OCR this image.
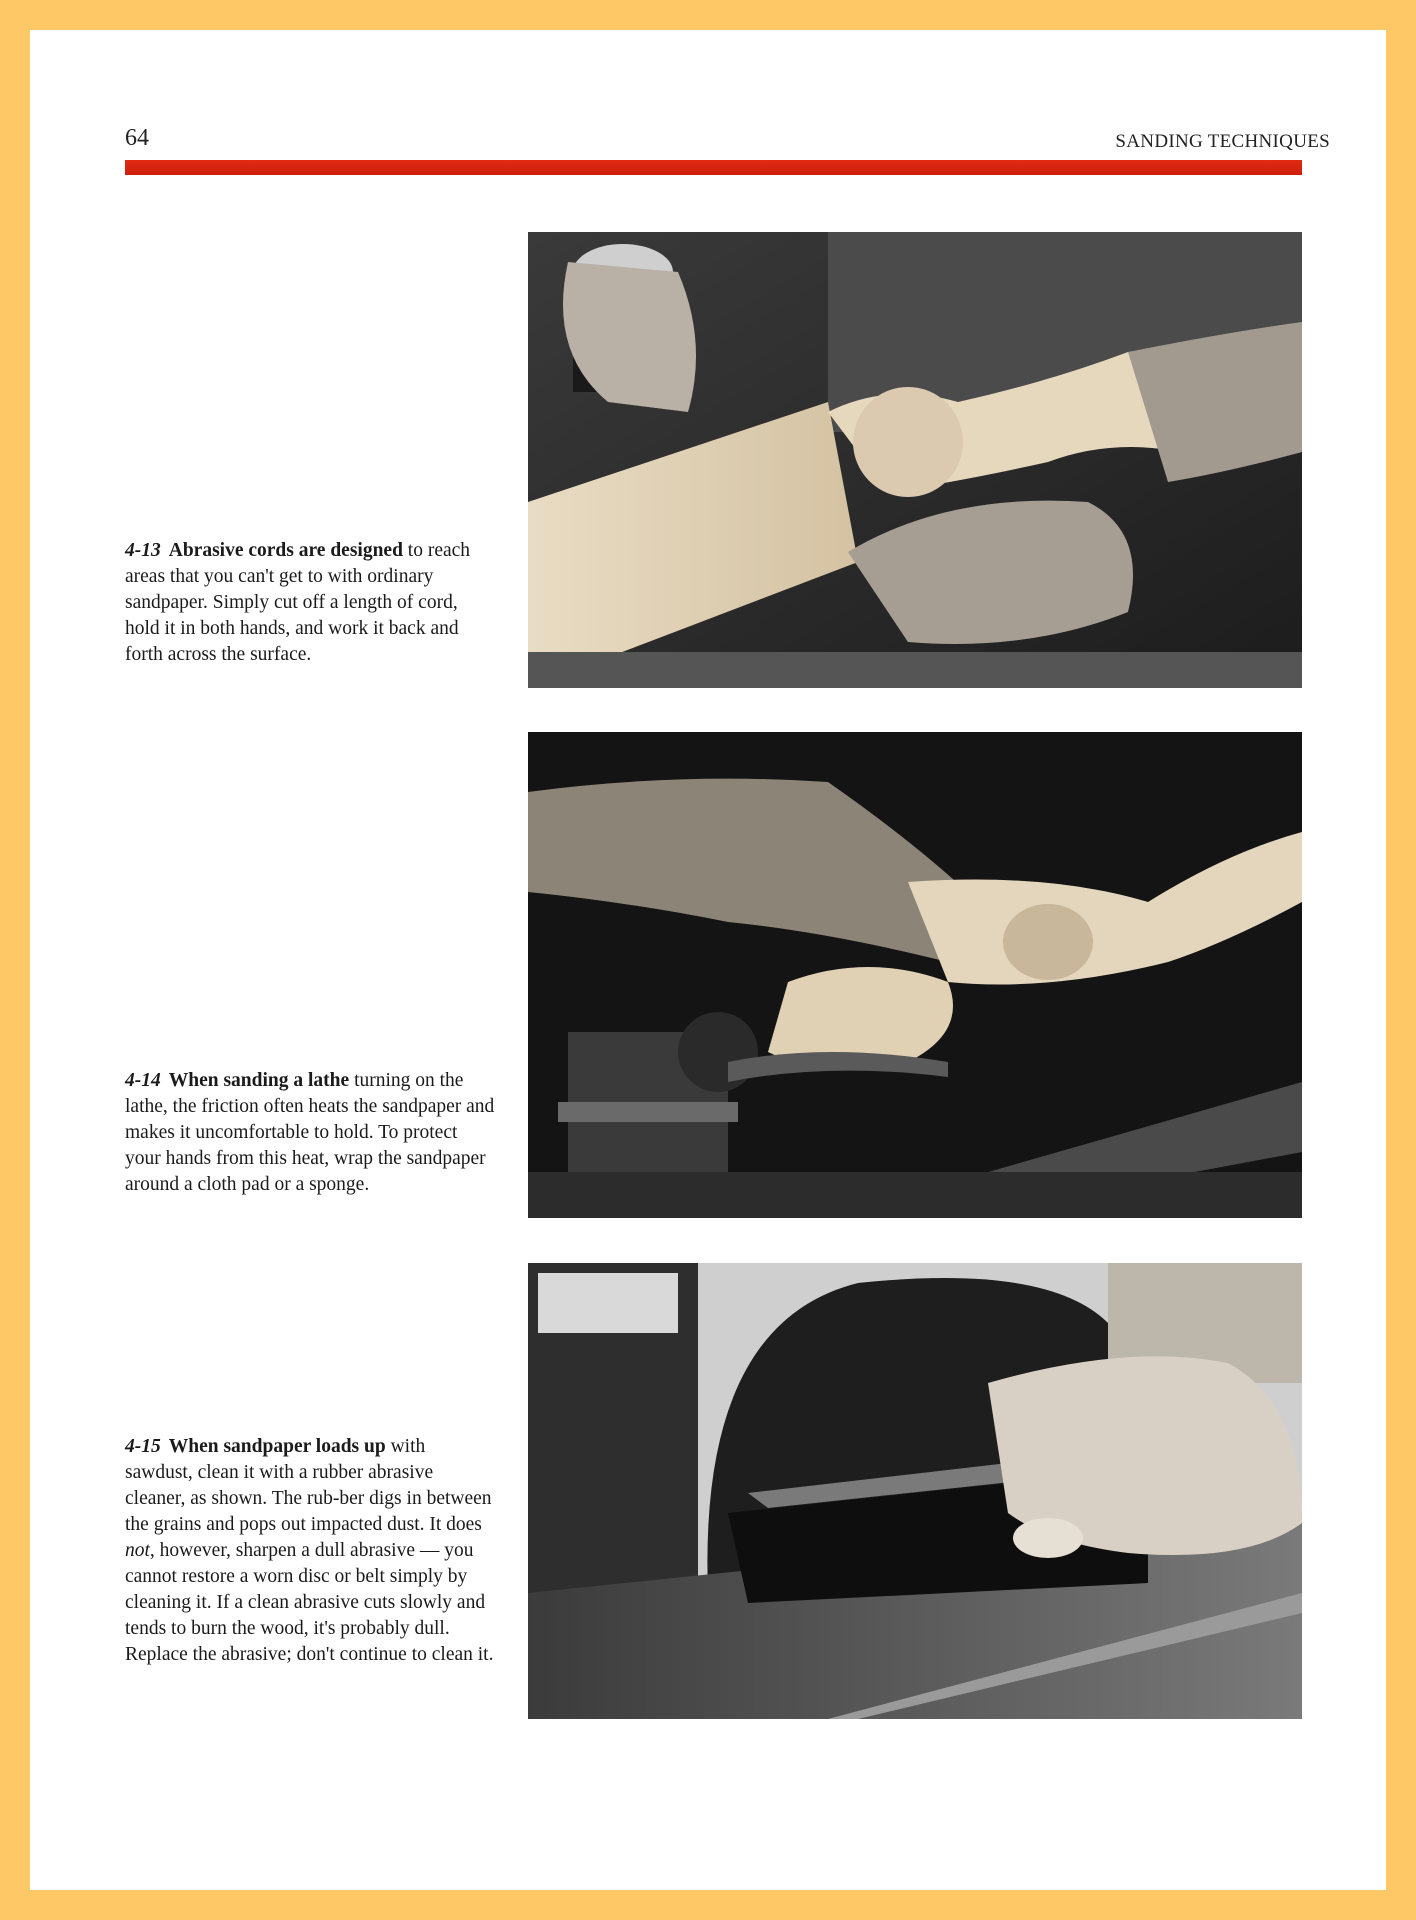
64	SANDING TECHNIQUES
4-13 Abrasive cords are designed to reach areas that you can't get to with ordinary sandpaper. Simply cut off a length of cord, hold it in both hands, and work it back and forth across the surface.
4-14 When sanding a lathe turning on the lathe, the friction often heats the sandpaper and makes it uncomfortable to hold. To protect your hands from this heat, wrap the sandpaper around a cloth pad or a sponge.
4-15 When sandpaper loads up with sawdust, clean it with a rubber abrasive cleaner, as shown. The rub-ber digs in between the grains and pops out impacted dust. It does not, however, sharpen a dull abrasive — you cannot restore a worn disc or belt simply by cleaning it. If a clean abrasive cuts slowly and tends to burn the wood, it's probably dull. Replace the abrasive; don't continue to clean it.
